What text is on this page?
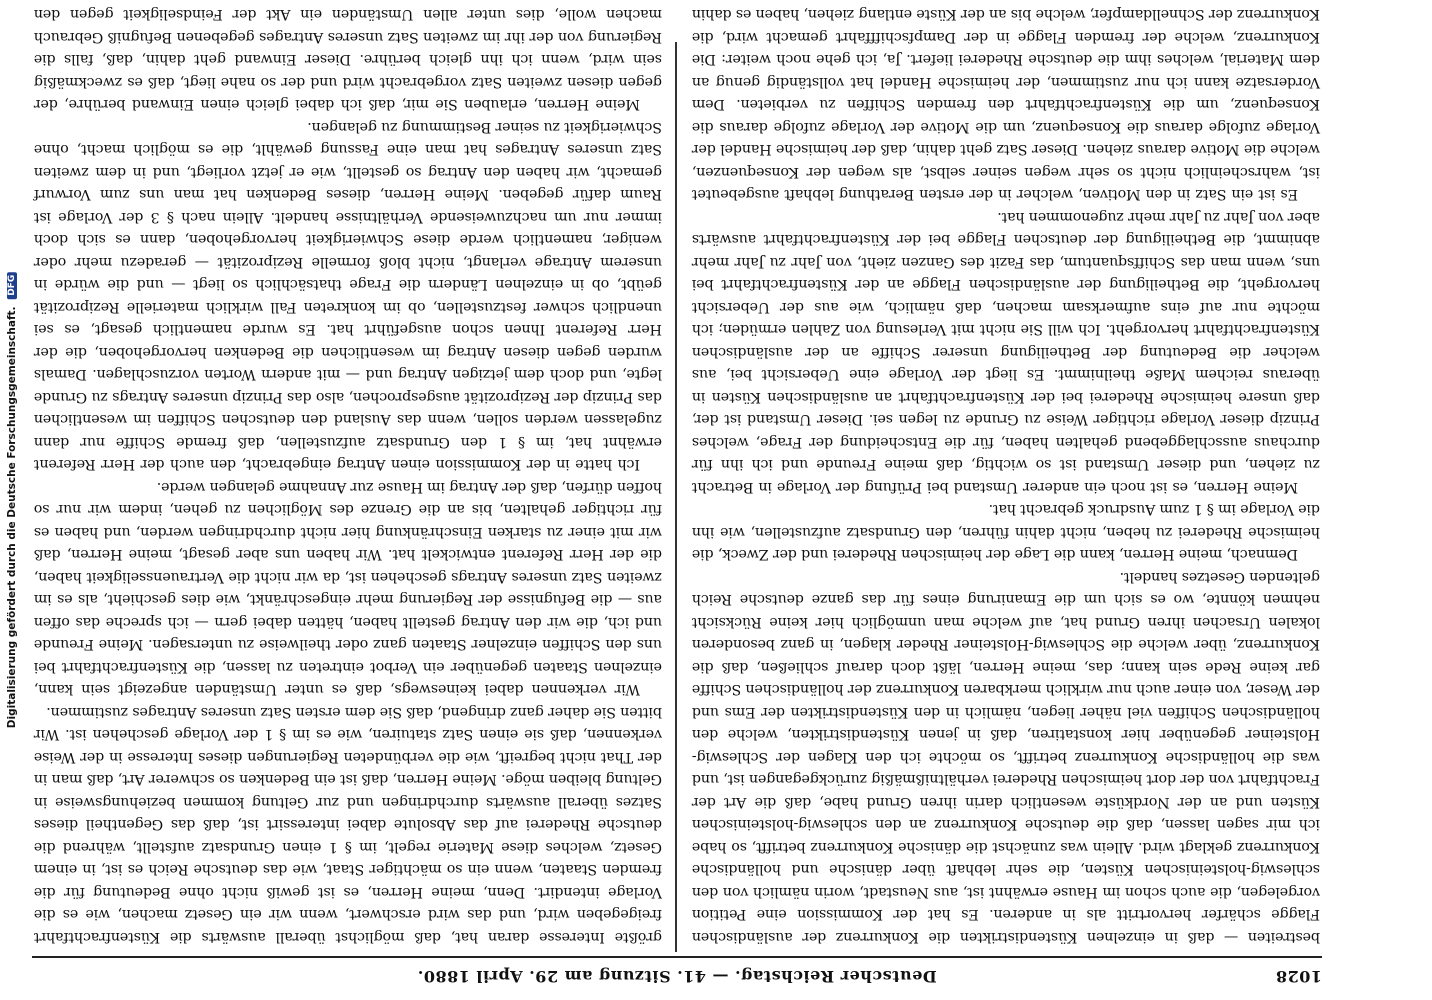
Digitalisierung gefördert durch die Deutsche Forschungsgemeinschaft. DFG
1028
Deutscher Reichstag. — 41. Sitzung am 29. April 1880.

bestreiten — daß in einzelnen Küstendistrikten die Konkurrenz der ausländischen Flagge schärfer hervortritt als in anderen. Es hat der Kommission eine Petition vorgelegen, die auch schon im Hause erwähnt ist, aus Neustadt, worin nämlich von den schleswig-holsteinischen Küsten, die sehr lebhaft über dänische und holländische Konkurrenz geklagt wird. Allein was zunächst die dänische Konkurrenz betrifft, so habe ich mir sagen lassen, daß die deutsche Konkurrenz an den schleswig-holsteinischen Küsten und an der Nordküste wesentlich darin ihren Grund habe, daß die Art der Frachtfahrt von der dort heimischen Rhederei verhältnißmäßig zurückgegangen ist, und was die holländische Konkurrenz betrifft, so möchte ich den Klagen der Schleswig-Holsteiner gegenüber hier konstatiren, daß in jenen Küstendistrikten, welche den holländischen Schiffen viel näher liegen, nämlich in den Küstendistrikten der Ems und der Weser, von einer auch nur wirklich merkbaren Konkurrenz der holländischen Schiffe gar keine Rede sein kann; das, meine Herren, läßt doch darauf schließen, daß die Konkurrenz, über welche die Schleswig-Holsteiner Rheder klagen, in ganz besonderen lokalen Ursachen ihren Grund hat, auf welche man unmöglich hier keine Rücksicht nehmen könnte, wo es sich um die Emanirung eines für das ganze deutsche Reich geltenden Gesetzes handelt.

Demnach, meine Herren, kann die Lage der heimischen Rhederei und der Zweck, die heimische Rhederei zu heben, nicht dahin führen, den Grundsatz aufzustellen, wie ihn die Vorlage im § 1 zum Ausdruck gebracht hat.

Meine Herren, es ist noch ein anderer Umstand bei Prüfung der Vorlage in Betracht zu ziehen, und dieser Umstand ist so wichtig, daß meine Freunde und ich ihn für durchaus ausschlaggebend gehalten haben, für die Entscheidung der Frage, welches Prinzip dieser Vorlage richtiger Weise zu Grunde zu legen sei. Dieser Umstand ist der, daß unsere heimische Rhederei bei der Küstenfrachtfahrt an ausländischen Küsten in überaus reichem Maße theilnimmt. Es liegt der Vorlage eine Uebersicht bei, aus welcher die Bedeutung der Betheiligung unserer Schiffe an der ausländischen Küstenfrachtfahrt hervorgeht. Ich will Sie nicht mit Verlesung von Zahlen ermüden; ich möchte nur auf eins aufmerksam machen, daß nämlich, wie aus der Uebersicht hervorgeht, die Betheiligung der ausländischen Flagge an der Küstenfrachtfahrt bei uns, wenn man das Schiffsquantum, das Fazit des Ganzen zieht, von Jahr zu Jahr mehr abnimmt, die Betheiligung der deutschen Flagge bei der Küstenfrachtfahrt auswärts aber von Jahr zu Jahr mehr zugenommen hat.

Es ist ein Satz in den Motiven, welcher in der ersten Berathung lebhaft ausgebeutet ist, wahrscheinlich nicht so sehr wegen seiner selbst, als wegen der Konsequenzen, welche die Motive daraus ziehen. Dieser Satz geht dahin, daß der heimische Handel der Vorlage zufolge daraus die Konsequenz, um die Motive der Vorlage zufolge daraus die Konsequenz, um die Küstenfrachtfahrt den fremden Schiffen zu verbieten. Dem Vordersatze kann ich nur zustimmen, der heimische Handel hat vollständig genug an dem Material, welches ihm die deutsche Rhederei liefert. Ja, ich gehe noch weiter: Die Konkurrenz, welche der fremden Flagge in der Dampfschifffahrt gemacht wird, die Konkurrenz der Schnelldampfer, welche bis an der Küste entlang ziehen, haben es dahin

größte Interesse daran hat, daß möglichst überall auswärts die Küstenfrachtfahrt freigegeben wird, und das wird erschwert, wenn wir ein Gesetz machen, wie es die Vorlage intendirt. Denn, meine Herren, es ist gewiß nicht ohne Bedeutung für die fremden Staaten, wenn ein so mächtiger Staat, wie das deutsche Reich es ist, in einem Gesetz, welches diese Materie regelt, im § 1 einen Grundsatz aufstellt, während die deutsche Rhederei auf das Absolute dabei interessirt ist, daß das Gegentheil dieses Satzes überall auswärts durchdringen und zur Geltung kommen beziehungsweise in Geltung bleiben möge. Meine Herren, daß ist ein Bedenken so schwerer Art, daß man in der That nicht begreift, wie die verbündeten Regierungen dieses Interesse in der Weise verkennen, daß sie einen Satz statuiren, wie es im § 1 der Vorlage geschehen ist. Wir bitten Sie daher ganz dringend, daß Sie dem ersten Satz unseres Antrages zustimmen.

Wir verkennen dabei keineswegs, daß es unter Umständen angezeigt sein kann, einzelnen Staaten gegenüber ein Verbot eintreten zu lassen, die Küstenfrachtfahrt bei uns den Schiffen einzelner Staaten ganz oder theilweise zu untersagen. Meine Freunde und ich, die wir den Antrag gestellt haben, hätten dabei gern — ich spreche das offen aus — die Befugnisse der Regierung mehr eingeschränkt, wie dies geschieht, als es im zweiten Satz unseres Antrags geschehen ist, da wir nicht die Vertrauensseligkeit haben, die der Herr Referent entwickelt hat. Wir haben uns aber gesagt, meine Herren, daß wir mit einer zu starken Einschränkung hier nicht durchdringen werden, und haben es für richtiger gehalten, bis an die Grenze des Möglichen zu gehen, indem wir nur so hoffen dürfen, daß der Antrag im Hause zur Annahme gelangen werde.

Ich hatte in der Kommission einen Antrag eingebracht, den auch der Herr Referent erwähnt hat, im § 1 den Grundsatz aufzustellen, daß fremde Schiffe nur dann zugelassen werden sollen, wenn das Ausland den deutschen Schiffen im wesentlichen das Prinzip der Reziprozität ausgesprochen, also das Prinzip unseres Antrags zu Grunde legte, und doch dem jetzigen Antrag und — mit andern Worten vorzuschlagen. Damals wurden gegen diesen Antrag im wesentlichen die Bedenken hervorgehoben, die der Herr Referent Ihnen schon ausgeführt hat. Es wurde namentlich gesagt, es sei unendlich schwer festzustellen, ob im konkreten Fall wirklich materielle Reziprozität geübt, ob in einzelnen Ländern die Frage thatsächlich so liegt — und die würde in unserem Antrage verlangt, nicht bloß formelle Reziprozität — geradezu mehr oder weniger, namentlich werde diese Schwierigkeit hervorgehoben, dann es sich doch immer nur um nachzuweisende Verhältnisse handelt. Allein nach § 3 der Vorlage ist Raum dafür gegeben. Meine Herren, dieses Bedenken hat man uns zum Vorwurf gemacht, wir haben den Antrag so gestellt, wie er jetzt vorliegt, und in dem zweiten Satz unseres Antrages hat man eine Fassung gewählt, die es möglich macht, ohne Schwierigkeit zu seiner Bestimmung zu gelangen.

Meine Herren, erlauben Sie mir, daß ich dabei gleich einen Einwand berühre, der gegen diesen zweiten Satz vorgebracht wird und der so nahe liegt, daß es zweckmäßig sein wird, wenn ich ihn gleich berühre. Dieser Einwand geht dahin, daß, falls die Regierung von der ihr im zweiten Satz unseres Antrages gegebenen Befugniß Gebrauch machen wolle, dies unter allen Umständen ein Akt der Feindseligkeit gegen den
